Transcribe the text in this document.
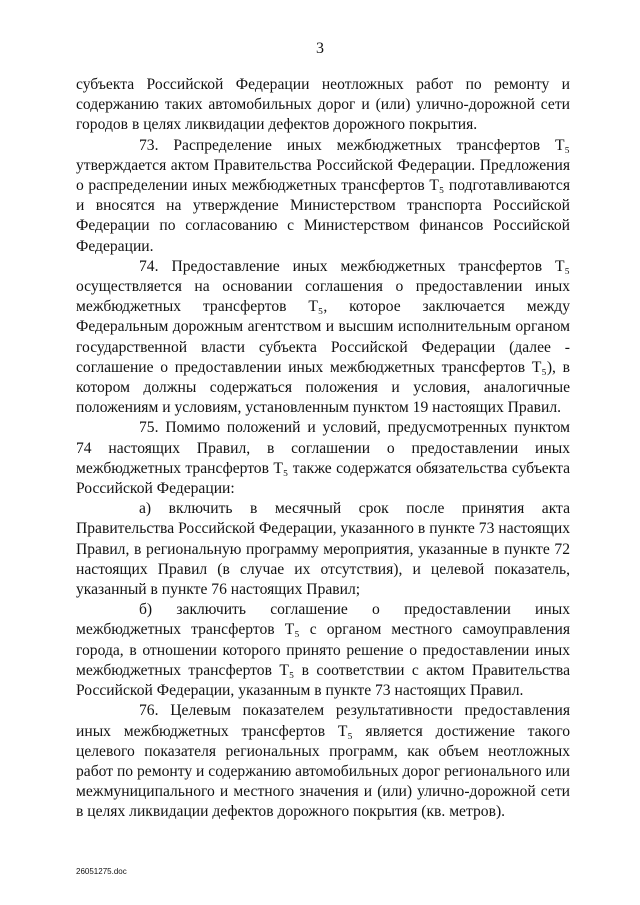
3

субъекта Российской Федерации неотложных работ по ремонту и содержанию таких автомобильных дорог и (или) улично-дорожной сети городов в целях ликвидации дефектов дорожного покрытия.

73. Распределение иных межбюджетных трансфертов Т₅ утверждается актом Правительства Российской Федерации. Предложения о распределении иных межбюджетных трансфертов Т₅ подготавливаются и вносятся на утверждение Министерством транспорта Российской Федерации по согласованию с Министерством финансов Российской Федерации.

74. Предоставление иных межбюджетных трансфертов Т₅ осуществляется на основании соглашения о предоставлении иных межбюджетных трансфертов Т₅, которое заключается между Федеральным дорожным агентством и высшим исполнительным органом государственной власти субъекта Российской Федерации (далее - соглашение о предоставлении иных межбюджетных трансфертов Т₅), в котором должны содержаться положения и условия, аналогичные положениям и условиям, установленным пунктом 19 настоящих Правил.

75. Помимо положений и условий, предусмотренных пунктом 74 настоящих Правил, в соглашении о предоставлении иных межбюджетных трансфертов Т₅ также содержатся обязательства субъекта Российской Федерации:

а) включить в месячный срок после принятия акта Правительства Российской Федерации, указанного в пункте 73 настоящих Правил, в региональную программу мероприятия, указанные в пункте 72 настоящих Правил (в случае их отсутствия), и целевой показатель, указанный в пункте 76 настоящих Правил;

б) заключить соглашение о предоставлении иных межбюджетных трансфертов Т₅ с органом местного самоуправления города, в отношении которого принято решение о предоставлении иных межбюджетных трансфертов Т₅ в соответствии с актом Правительства Российской Федерации, указанным в пункте 73 настоящих Правил.

76. Целевым показателем результативности предоставления иных межбюджетных трансфертов Т₅ является достижение такого целевого показателя региональных программ, как объем неотложных работ по ремонту и содержанию автомобильных дорог регионального или межмуниципального и местного значения и (или) улично-дорожной сети в целях ликвидации дефектов дорожного покрытия (кв. метров).

26051275.doc
